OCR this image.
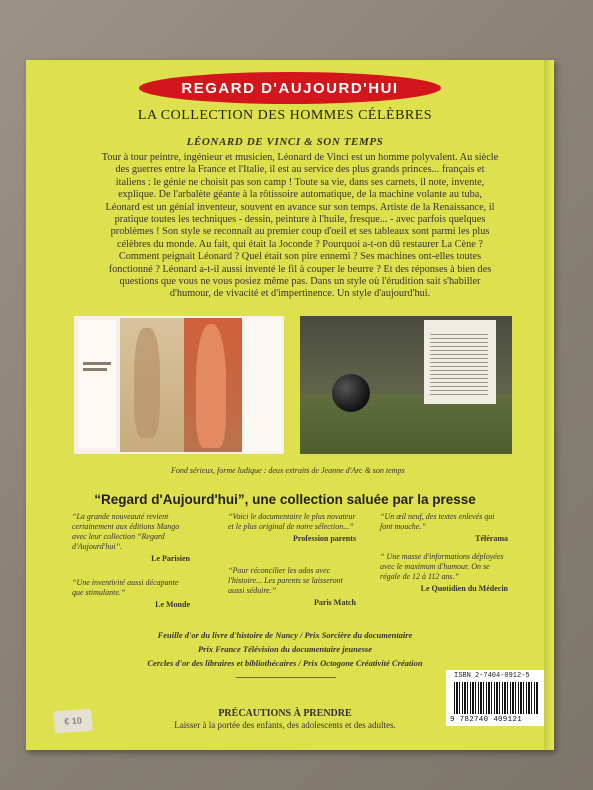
REGARD D'AUJOURD'HUI
LA COLLECTION DES HOMMES CÉLÈBRES
LÉONARD DE VINCI & SON TEMPS

Tour à tour peintre, ingénieur et musicien, Léonard de Vinci est un homme polyvalent. Au siècle des guerres entre la France et l'Italie, il est au service des plus grands princes... français et italiens : le génie ne choisit pas son camp ! Toute sa vie, dans ses carnets, il note, invente, explique. De l'arbalète géante à la rôtissoire automatique, de la machine volante au tuba, Léonard est un génial inventeur, souvent en avance sur son temps. Artiste de la Renaissance, il pratique toutes les techniques - dessin, peinture à l'huile, fresque... - avec parfois quelques problèmes ! Son style se reconnaît au premier coup d'oeil et ses tableaux sont parmi les plus célèbres du monde. Au fait, qui était la Joconde ? Pourquoi a-t-on dû restaurer La Cène ? Comment peignait Léonard ? Quel était son pire ennemi ? Ses machines ont-elles toutes fonctionné ? Léonard a-t-il aussi inventé le fil à couper le beurre ? Et des réponses à bien des questions que vous ne vous posiez même pas. Dans un style où l'érudition sait s'habiller d'humour, de vivacité et d'impertinence. Un style d'aujourd'hui.

Fond sérieux, forme ludique : deux extraits de Jeanne d'Arc & son temps
“Regard d'Aujourd'hui”, une collection saluée par la presse
“La grande nouveauté revient certainement aux éditions Mango avec leur collection “Regard d'Aujourd'hui”.
Le Parisien
“Une inventivité aussi décapante que stimulante.”
Le Monde
“Voici le documentaire le plus novateur et le plus original de notre sélection...”
Profession parents
“Pour réconcilier les ados avec l'histoire... Les parents se laisseront aussi séduire.”
Paris Match
“Un œil neuf, des textes enlevés qui font mouche.”
Télérama
“ Une masse d'informations déployées avec le maximum d'humour. On se régale de 12 à 112 ans.”
Le Quotidien du Médecin
Feuille d'or du livre d'histoire de Nancy / Prix Sorcière du documentaire
Prix France Télévision du documentaire jeunesse
Cercles d'or des libraires et bibliothécaires / Prix Octogone Créativité Création
ISBN 2-7404-0912-5
9 782740 409121
PRÉCAUTIONS À PRENDRE
Laisser à la portée des enfants, des adolescents et des adultes.
€ 10
